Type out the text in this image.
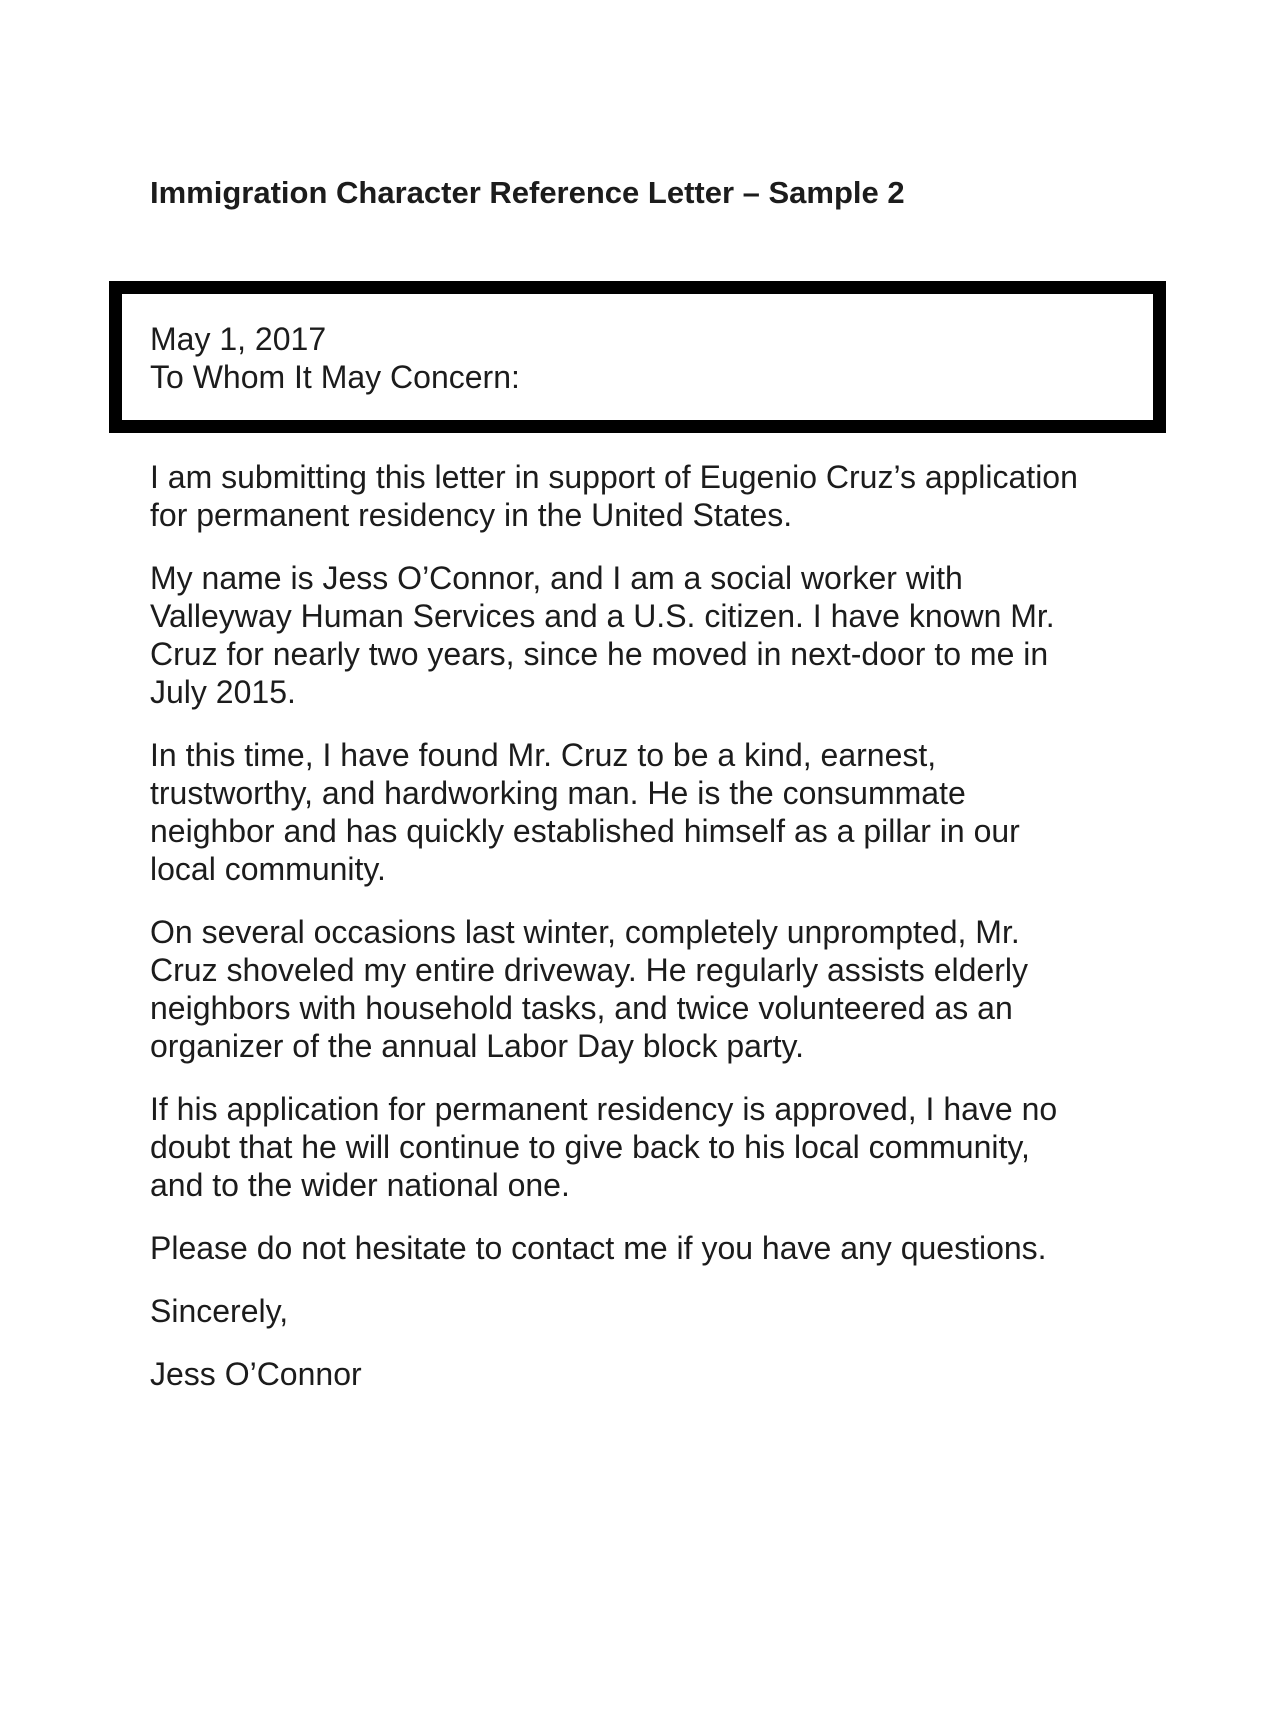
Immigration Character Reference Letter – Sample 2
May 1, 2017
To Whom It May Concern:

I am submitting this letter in support of Eugenio Cruz’s application
for permanent residency in the United States.

My name is Jess O’Connor, and I am a social worker with
Valleyway Human Services and a U.S. citizen. I have known Mr.
Cruz for nearly two years, since he moved in next-door to me in
July 2015.

In this time, I have found Mr. Cruz to be a kind, earnest,
trustworthy, and hardworking man. He is the consummate
neighbor and has quickly established himself as a pillar in our
local community.

On several occasions last winter, completely unprompted, Mr.
Cruz shoveled my entire driveway. He regularly assists elderly
neighbors with household tasks, and twice volunteered as an
organizer of the annual Labor Day block party.

If his application for permanent residency is approved, I have no
doubt that he will continue to give back to his local community,
and to the wider national one.

Please do not hesitate to contact me if you have any questions.

Sincerely,

Jess O’Connor
